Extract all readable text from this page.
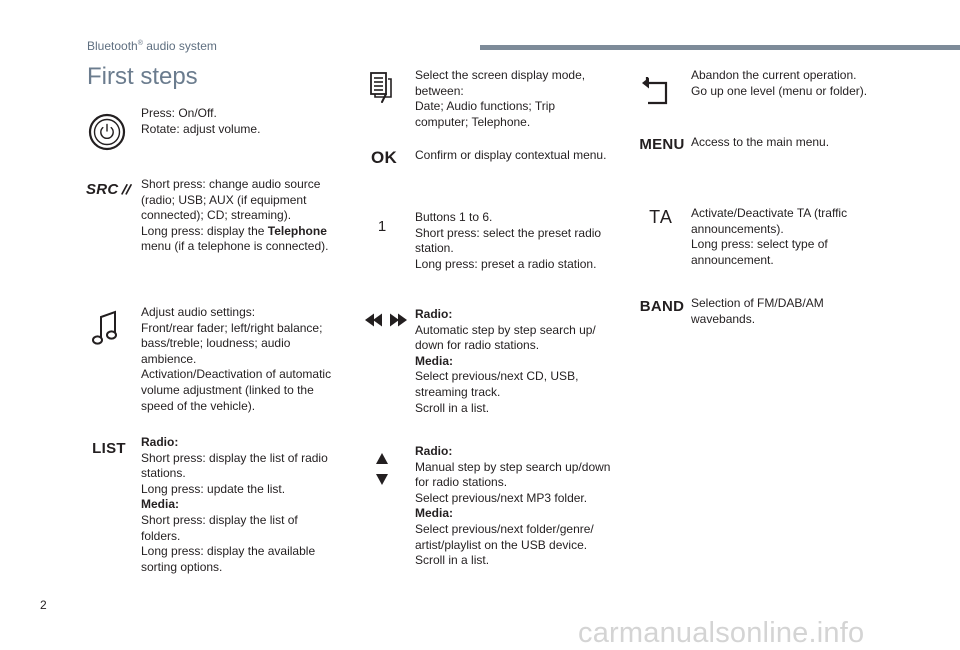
Bluetooth® audio system
First steps
Press: On/Off.
Rotate: adjust volume.
SRC Short press: change audio source
(radio; USB; AUX (if equipment
connected); CD; streaming).
Long press: display the Telephone
menu (if a telephone is connected).
Adjust audio settings:
Front/rear fader; left/right balance;
bass/treble; loudness; audio
ambience.
Activation/Deactivation of automatic
volume adjustment (linked to the
speed of the vehicle).
LIST	Radio:
Short press: display the list of radio
stations.
Long press: update the list.
Media:
Short press: display the list of
folders.
Long press: display the available
sorting options.
Select the screen display mode,
between:
Date; Audio functions; Trip
computer; Telephone.
OK Confirm or display contextual menu.
1
Buttons 1 to 6.
Short press: select the preset radio
station.
Long press: preset a radio station.
Radio:
Automatic step by step search up/
down for radio stations.
Media:
Select previous/next CD, USB,
streaming track.
Scroll in a list.
Radio:
Manual step by step search up/down
for radio stations.
Select previous/next MP3 folder.
Media:
Select previous/next folder/genre/
artist/playlist on the USB device.
Scroll in a list.
Abandon the current operation.
Go up one level (menu or folder).
MENU Access to the main menu.
TA Activate/Deactivate TA (traffic
announcements).
Long press: select type of
announcement.
BAND Selection of FM/DAB/AM
wavebands.
2
carmanualsonline.info
